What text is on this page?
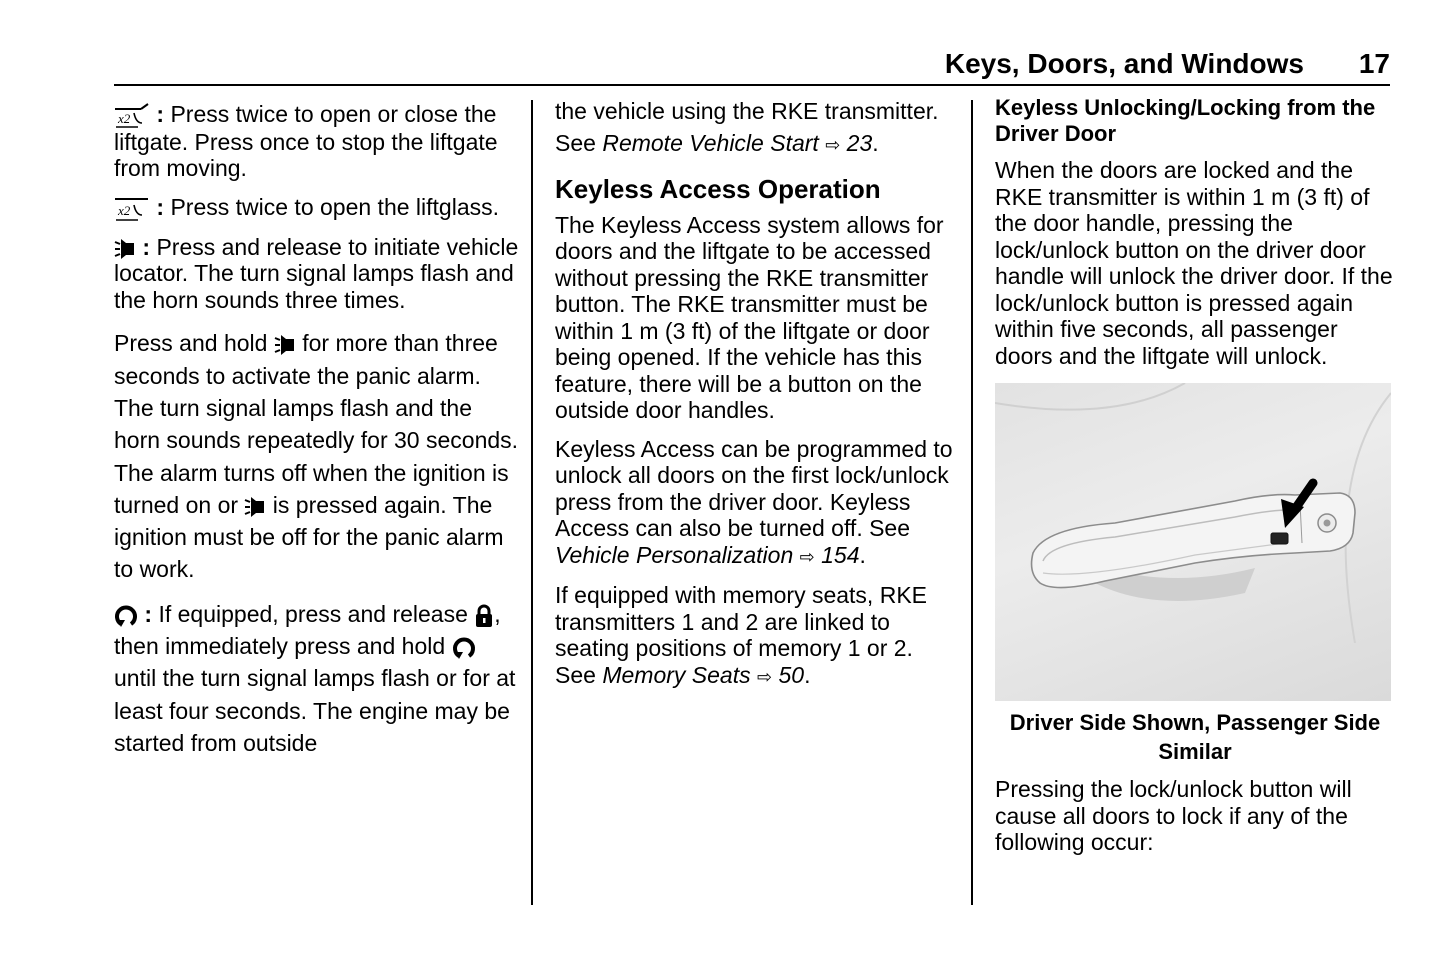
Keys, Doors, and Windows 17

x2 : Press twice to open or close the liftgate. Press once to stop the liftgate from moving.

x2 : Press twice to open the liftglass.

: Press and release to initiate vehicle locator. The turn signal lamps flash and the horn sounds three times.

Press and hold  for more than three seconds to activate the panic alarm. The turn signal lamps flash and the horn sounds repeatedly for 30 seconds. The alarm turns off when the ignition is turned on or  is pressed again. The ignition must be off for the panic alarm to work.

: If equipped, press and release , then immediately press and hold  until the turn signal lamps flash or for at least four seconds. The engine may be started from outside

the vehicle using the RKE transmitter. See Remote Vehicle Start ⇨ 23.

Keyless Access Operation

The Keyless Access system allows for doors and the liftgate to be accessed without pressing the RKE transmitter button. The RKE transmitter must be within 1 m (3 ft) of the liftgate or door being opened. If the vehicle has this feature, there will be a button on the outside door handles.

Keyless Access can be programmed to unlock all doors on the first lock/unlock press from the driver door. Keyless Access can also be turned off. See Vehicle Personalization ⇨ 154.

If equipped with memory seats, RKE transmitters 1 and 2 are linked to seating positions of memory 1 or 2. See Memory Seats ⇨ 50.

Keyless Unlocking/Locking from the Driver Door

When the doors are locked and the RKE transmitter is within 1 m (3 ft) of the door handle, pressing the lock/unlock button on the driver door handle will unlock the driver door. If the lock/unlock button is pressed again within five seconds, all passenger doors and the liftgate will unlock.

Driver Side Shown, Passenger Side Similar

Pressing the lock/unlock button will cause all doors to lock if any of the following occur:
